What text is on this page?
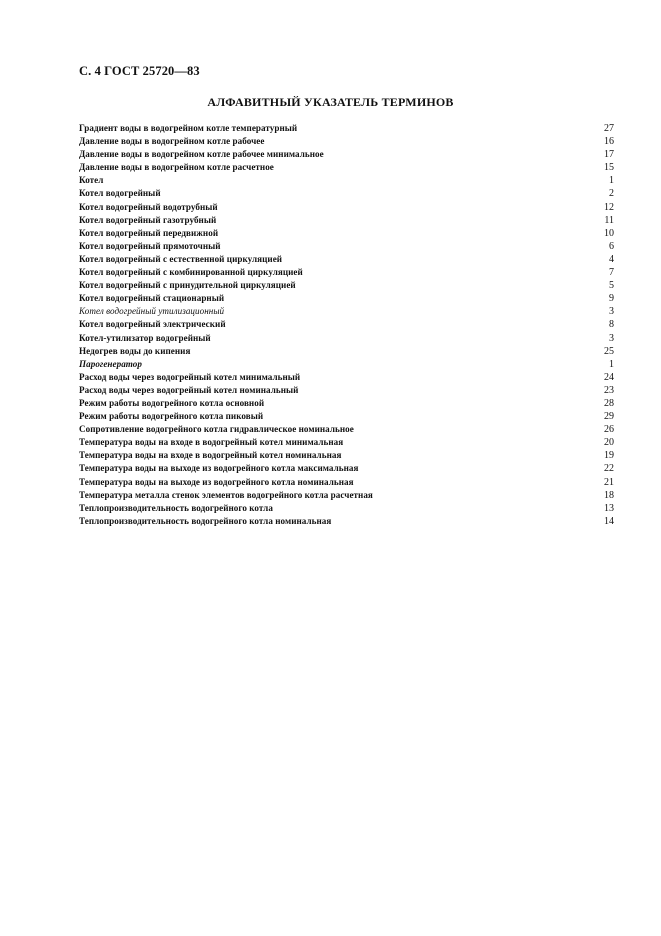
С. 4 ГОСТ 25720—83
АЛФАВИТНЫЙ УКАЗАТЕЛЬ ТЕРМИНОВ
Градиент воды в водогрейном котле температурный	27
Давление воды в водогрейном котле рабочее	16
Давление воды в водогрейном котле рабочее минимальное	17
Давление воды в водогрейном котле расчетное	15
Котел	1
Котел водогрейный	2
Котел водогрейный водотрубный	12
Котел водогрейный газотрубный	11
Котел водогрейный передвижной	10
Котел водогрейный прямоточный	6
Котел водогрейный с естественной циркуляцией	4
Котел водогрейный с комбинированной циркуляцией	7
Котел водогрейный с принудительной циркуляцией	5
Котел водогрейный стационарный	9
Котел водогрейный утилизационный	3
Котел водогрейный электрический	8
Котел-утилизатор водогрейный	3
Недогрев воды до кипения	25
Парогенератор	1
Расход воды через водогрейный котел минимальный	24
Расход воды через водогрейный котел номинальный	23
Режим работы водогрейного котла основной	28
Режим работы водогрейного котла пиковый	29
Сопротивление водогрейного котла гидравлическое номинальное	26
Температура воды на входе в водогрейный котел минимальная	20
Температура воды на входе в водогрейный котел номинальная	19
Температура воды на выходе из водогрейного котла максимальная	22
Температура воды на выходе из водогрейного котла номинальная	21
Температура металла стенок элементов водогрейного котла расчетная	18
Теплопроизводительность водогрейного котла	13
Теплопроизводительность водогрейного котла номинальная	14
